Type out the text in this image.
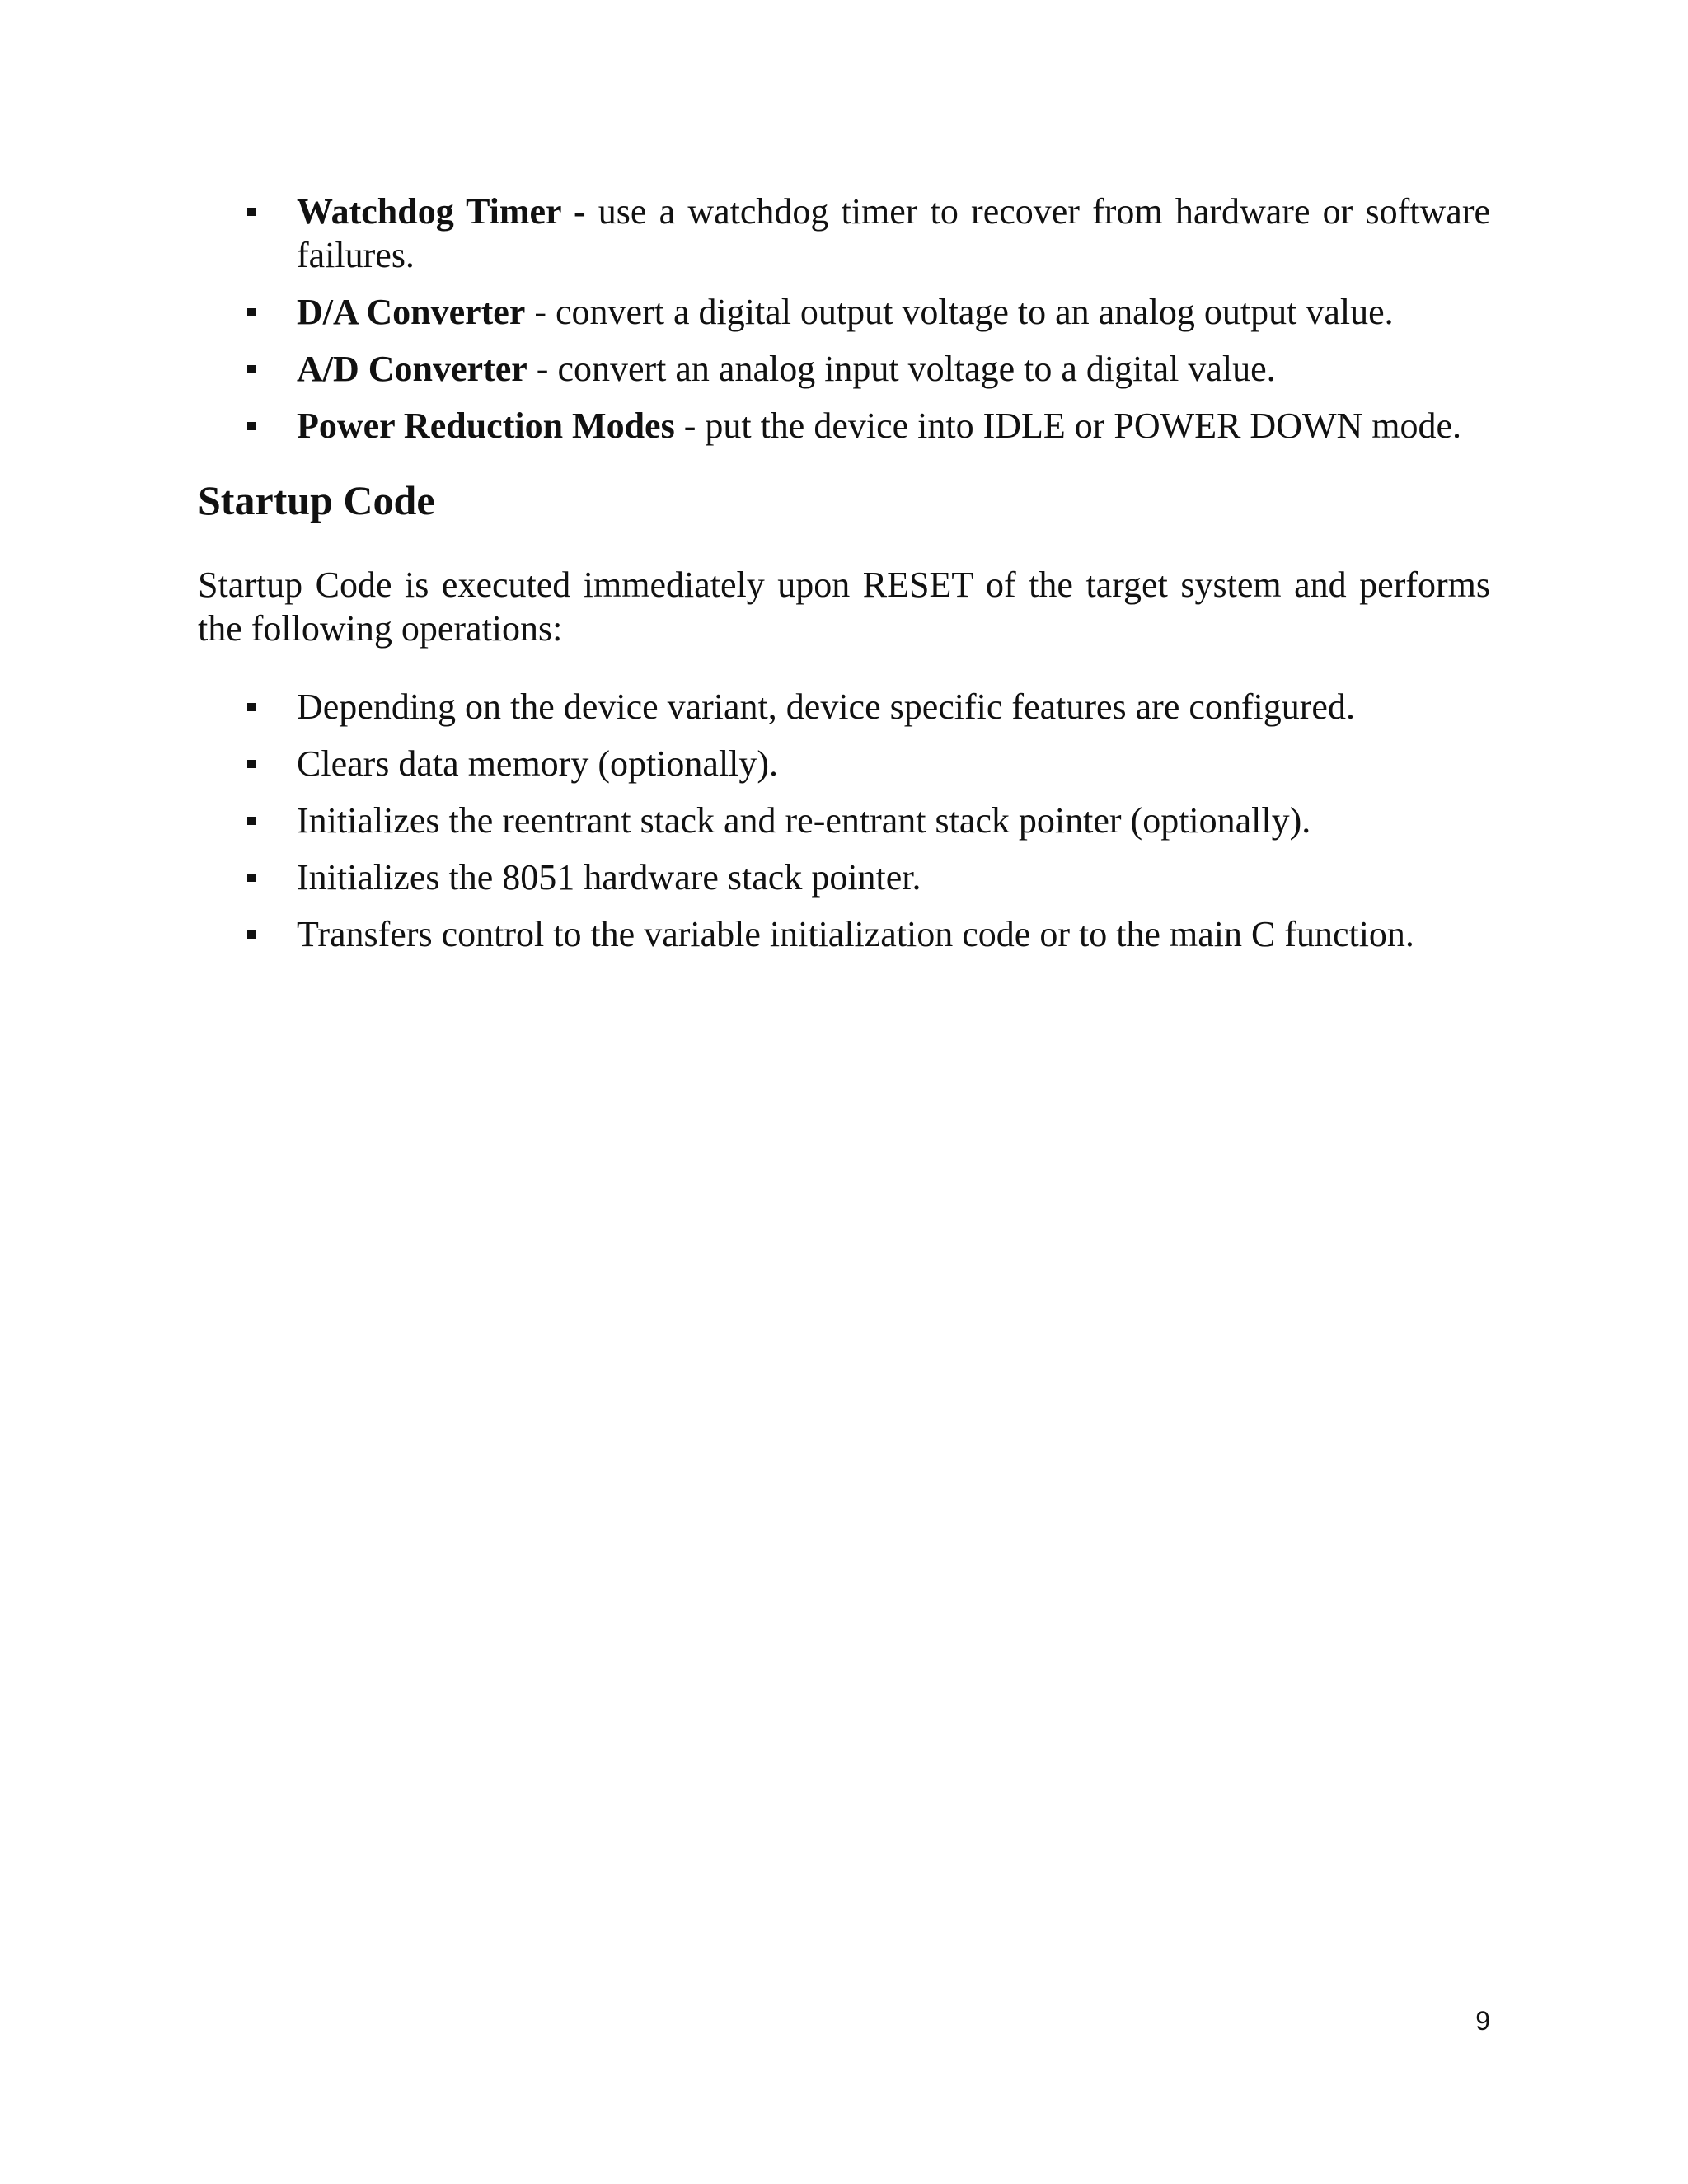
Watchdog Timer - use a watchdog timer to recover from hardware or software failures.
D/A Converter - convert a digital output voltage to an analog output value.
A/D Converter - convert an analog input voltage to a digital value.
Power Reduction Modes - put the device into IDLE or POWER DOWN mode.
Startup Code

Startup Code is executed immediately upon RESET of the target system and performs the following operations:

Depending on the device variant, device specific features are configured.
Clears data memory (optionally).
Initializes the reentrant stack and re-entrant stack pointer (optionally).
Initializes the 8051 hardware stack pointer.
Transfers control to the variable initialization code or to the main C function.
9
